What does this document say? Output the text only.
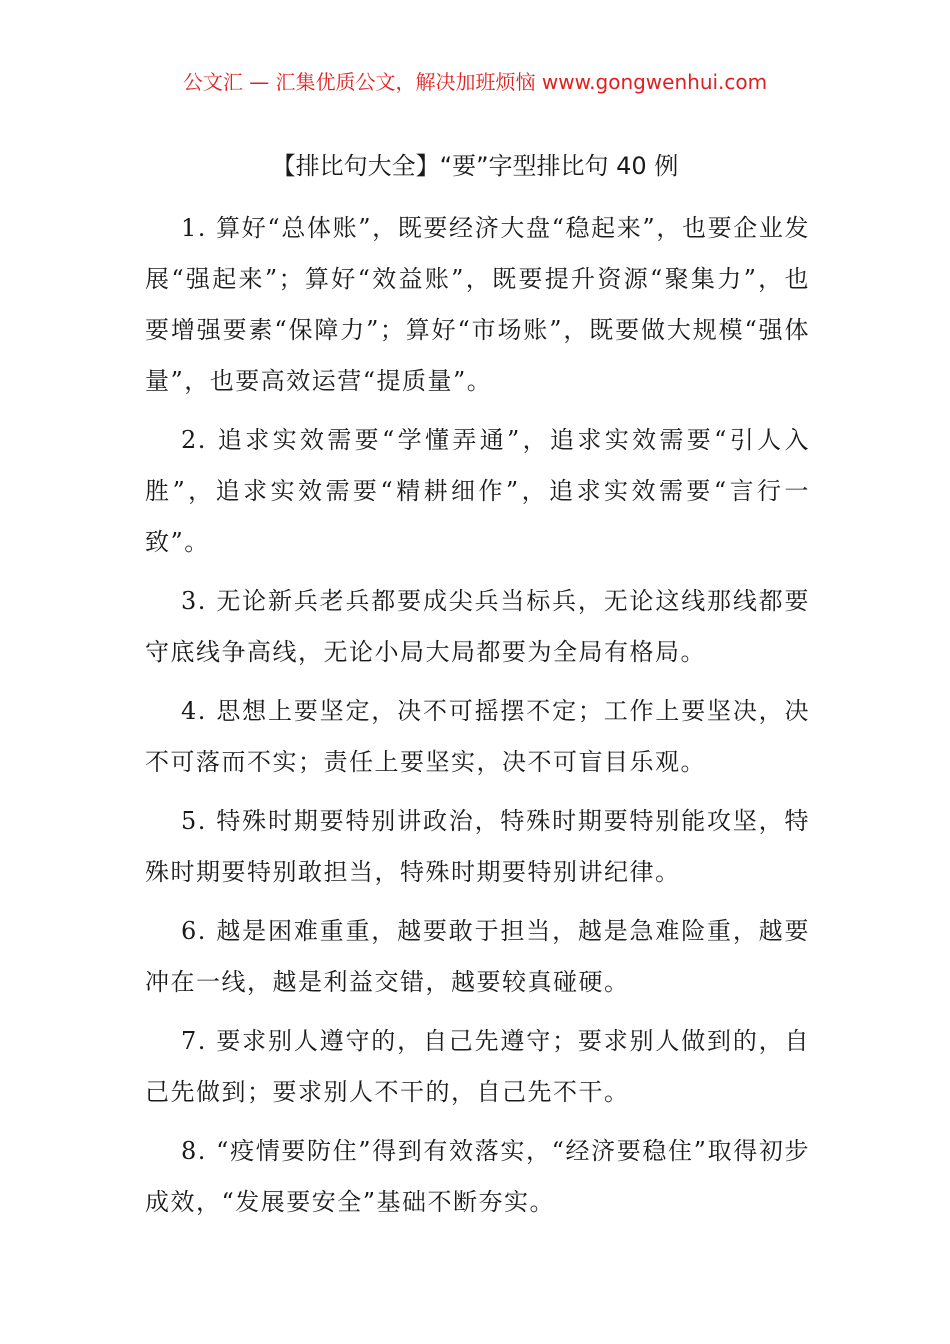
公文汇 — 汇集优质公文，解决加班烦恼 www.gongwenhui.com
【排比句大全】“要”字型排比句 40 例

1. 算好“总体账”，既要经济大盘“稳起来”，也要企业发展“强起来”；算好“效益账”，既要提升资源“聚集力”，也要增强要素“保障力”；算好“市场账”，既要做大规模“强体量”，也要高效运营“提质量”。

2. 追求实效需要“学懂弄通”，追求实效需要“引人入胜”，追求实效需要“精耕细作”，追求实效需要“言行一致”。

3. 无论新兵老兵都要成尖兵当标兵，无论这线那线都要守底线争高线，无论小局大局都要为全局有格局。

4. 思想上要坚定，决不可摇摆不定；工作上要坚决，决不可落而不实；责任上要坚实，决不可盲目乐观。

5. 特殊时期要特别讲政治，特殊时期要特别能攻坚，特殊时期要特别敢担当，特殊时期要特别讲纪律。

6. 越是困难重重，越要敢于担当，越是急难险重，越要冲在一线，越是利益交错，越要较真碰硬。

7. 要求别人遵守的，自己先遵守；要求别人做到的，自己先做到；要求别人不干的，自己先不干。

8. “疫情要防住”得到有效落实，“经济要稳住”取得初步成效，“发展要安全”基础不断夯实。
